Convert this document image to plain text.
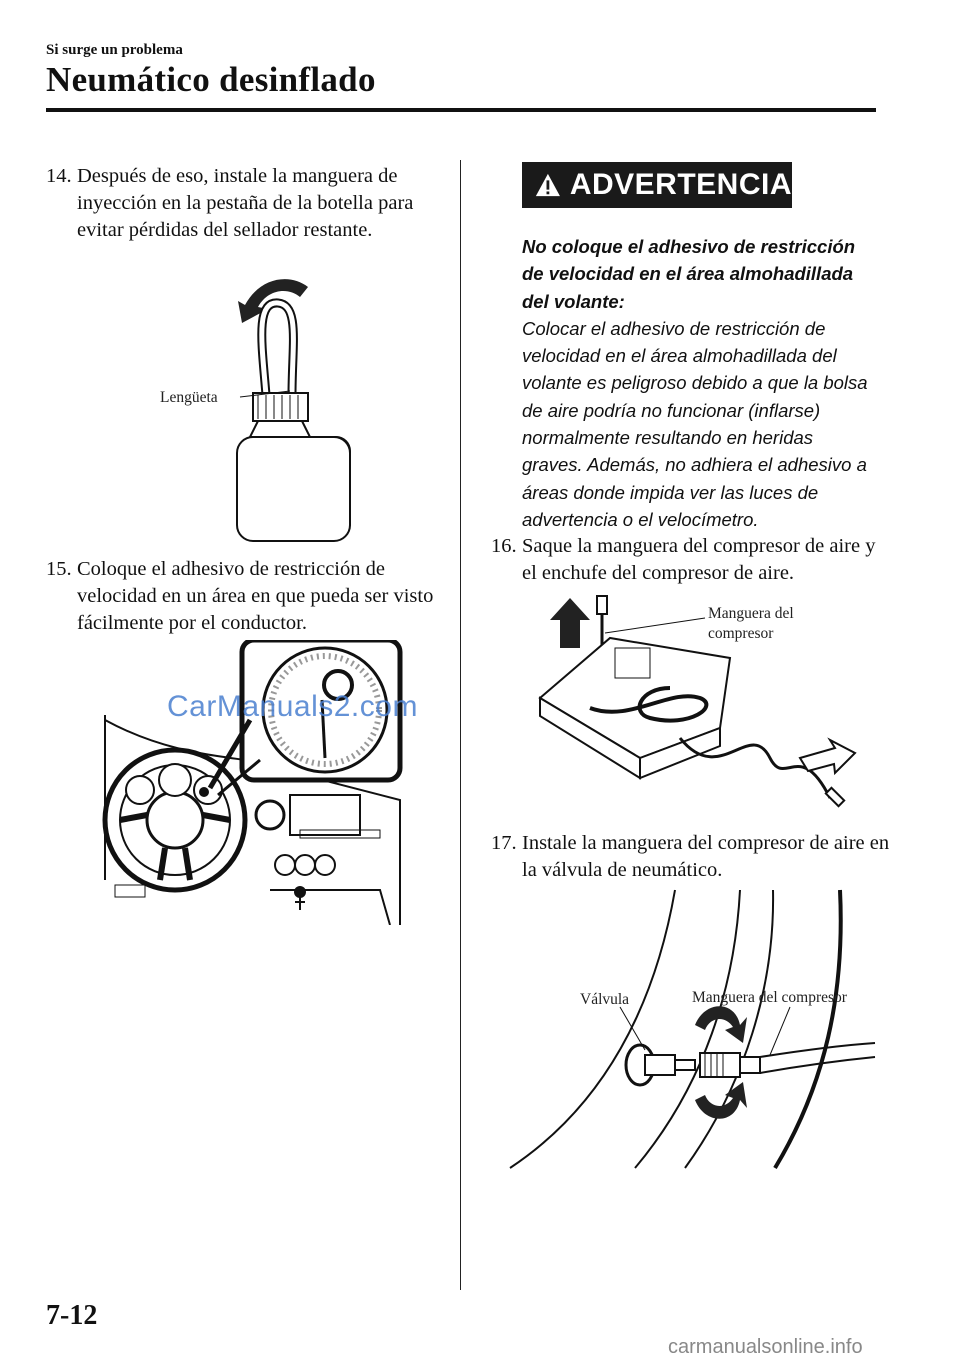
Si surge un problema
Neumático desinflado
14. Después de eso, instale la manguera de inyección en la pestaña de la botella para evitar pérdidas del sellador restante.
Lengüeta
15. Coloque el adhesivo de restricción de velocidad en un área en que pueda ser visto fácilmente por el conductor.
CarManuals2.com
ADVERTENCIA
No coloque el adhesivo de restricción de velocidad en el área almohadillada del volante:
Colocar el adhesivo de restricción de velocidad en el área almohadillada del volante es peligroso debido a que la bolsa de aire podría no funcionar (inflarse) normalmente resultando en heridas graves. Además, no adhiera el adhesivo a áreas donde impida ver las luces de advertencia o el velocímetro.
16. Saque la manguera del compresor de aire y el enchufe del compresor de aire.
Manguera del
compresor
17. Instale la manguera del compresor de aire en la válvula de neumático.
Válvula	Manguera del compresor
7-12
carmanualsonline.info
